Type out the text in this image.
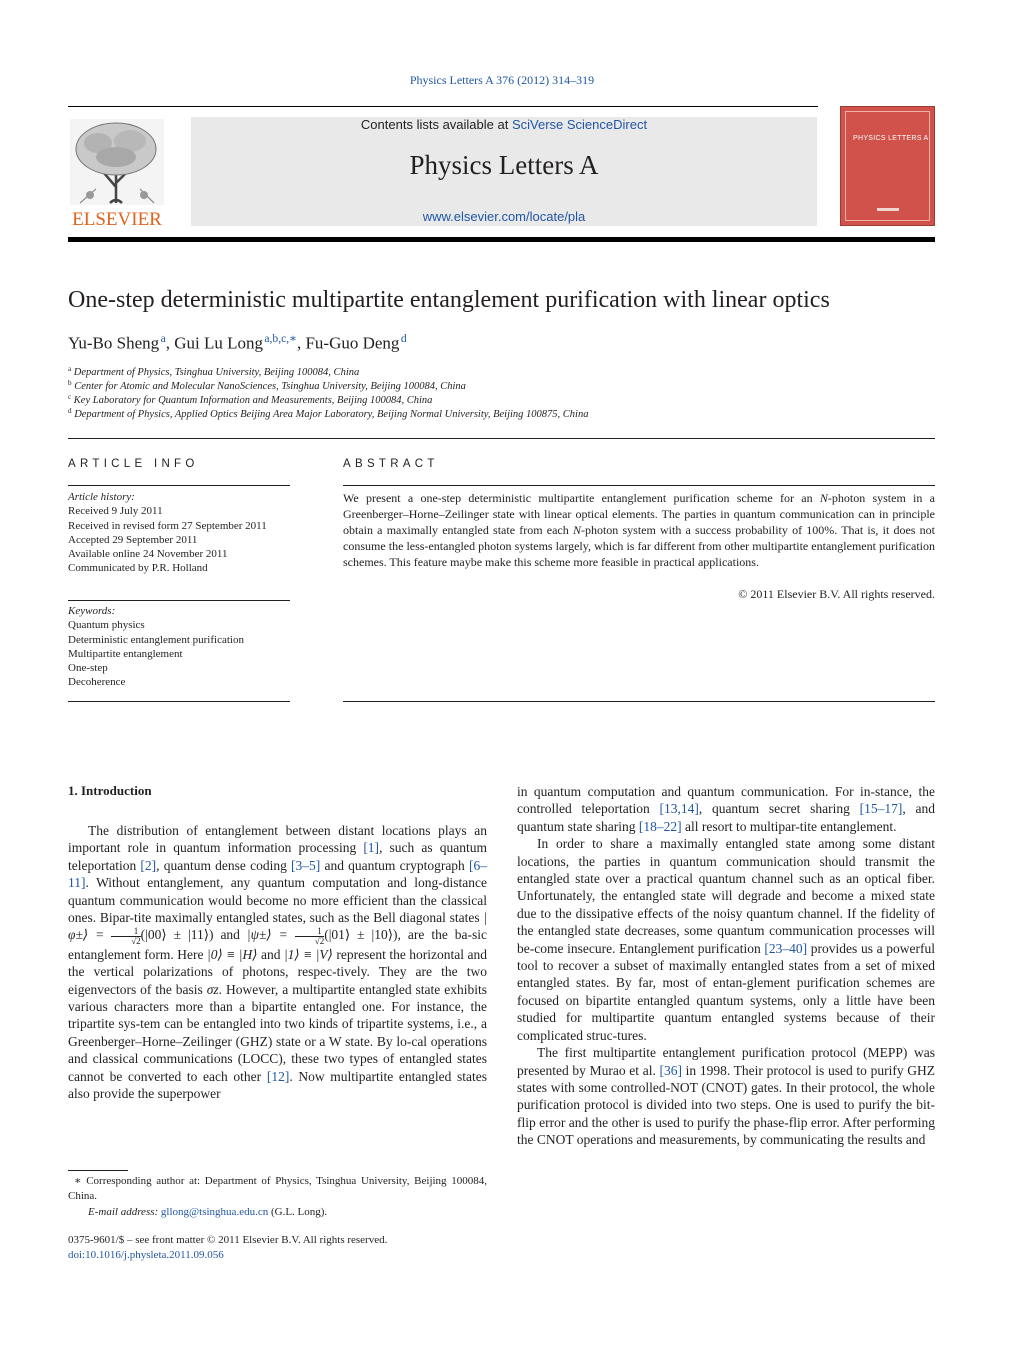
Physics Letters A 376 (2012) 314–319
ELSEVIER
Contents lists available at SciVerse ScienceDirect
Physics Letters A
www.elsevier.com/locate/pla
PHYSICS LETTERS A
One-step deterministic multipartite entanglement purification with linear optics
Yu-Bo Sheng $^a$, Gui Lu Long $^{a,b,c,∗}$, Fu-Guo Deng $^d$
$^a$ Department of Physics, Tsinghua University, Beijing 100084, China
$^b$ Center for Atomic and Molecular NanoSciences, Tsinghua University, Beijing 100084, China
$^c$ Key Laboratory for Quantum Information and Measurements, Beijing 100084, China
$^d$ Department of Physics, Applied Optics Beijing Area Major Laboratory, Beijing Normal University, Beijing 100875, China
ARTICLE INFO
Article history:
Received 9 July 2011
Received in revised form 27 September 2011
Accepted 29 September 2011
Available online 24 November 2011
Communicated by P.R. Holland
Keywords:
Quantum physics
Deterministic entanglement purification
Multipartite entanglement
One-step
Decoherence
ABSTRACT
We present a one-step deterministic multipartite entanglement purification scheme for an N-photon system in a Greenberger–Horne–Zeilinger state with linear optical elements. The parties in quantum communication can in principle obtain a maximally entangled state from each N-photon system with a success probability of 100%. That is, it does not consume the less-entangled photon systems largely, which is far different from other multipartite entanglement purification schemes. This feature maybe make this scheme more feasible in practical applications.
© 2011 Elsevier B.V. All rights reserved.
1. Introduction

The distribution of entanglement between distant locations plays an important role in quantum information processing [1], such as quantum teleportation [2], quantum dense coding [3–5] and quantum cryptograph [6–11]. Without entanglement, any quantum computation and long-distance quantum communication would become no more efficient than the classical ones. Bipar-tite maximally entangled states, such as the Bell diagonal states |φ±⟩ = $\frac{1}{√2}$ (|00⟩ ± |11⟩) and |ψ±⟩ = $\frac{1}{√2}$ (|01⟩ ± |10⟩), are the ba-sic entanglement form. Here |0⟩ ≡ |H⟩ and |1⟩ ≡ |V⟩ represent the horizontal and the vertical polarizations of photons, respec-tively. They are the two eigenvectors of the basis σz. However, a multipartite entangled state exhibits various characters more than a bipartite entangled one. For instance, the tripartite sys-tem can be entangled into two kinds of tripartite systems, i.e., a Greenberger–Horne–Zeilinger (GHZ) state or a W state. By lo-cal operations and classical communications (LOCC), these two types of entangled states cannot be converted to each other [12]. Now multipartite entangled states also provide the superpower

in quantum computation and quantum communication. For in-stance, the controlled teleportation [13,14], quantum secret sharing [15–17], and quantum state sharing [18–22] all resort to multipar-tite entanglement.

In order to share a maximally entangled state among some distant locations, the parties in quantum communication should transmit the entangled state over a practical quantum channel such as an optical fiber. Unfortunately, the entangled state will degrade and become a mixed state due to the dissipative effects of the noisy quantum channel. If the fidelity of the entangled state decreases, some quantum communication processes will be-come insecure. Entanglement purification [23–40] provides us a powerful tool to recover a subset of maximally entangled states from a set of mixed entangled states. By far, most of entan-glement purification schemes are focused on bipartite entangled quantum systems, only a little have been studied for multipartite quantum entangled systems because of their complicated struc-tures.

The first multipartite entanglement purification protocol (MEPP) was presented by Murao et al. [36] in 1998. Their protocol is used to purify GHZ states with some controlled-NOT (CNOT) gates. In their protocol, the whole purification protocol is divided into two steps. One is used to purify the bit-flip error and the other is used to purify the phase-flip error. After performing the CNOT operations and measurements, by communicating the results and

∗ Corresponding author at: Department of Physics, Tsinghua University, Beijing 100084, China.
E-mail address: gllong@tsinghua.edu.cn (G.L. Long).
0375-9601/$ – see front matter © 2011 Elsevier B.V. All rights reserved.
doi:10.1016/j.physleta.2011.09.056
